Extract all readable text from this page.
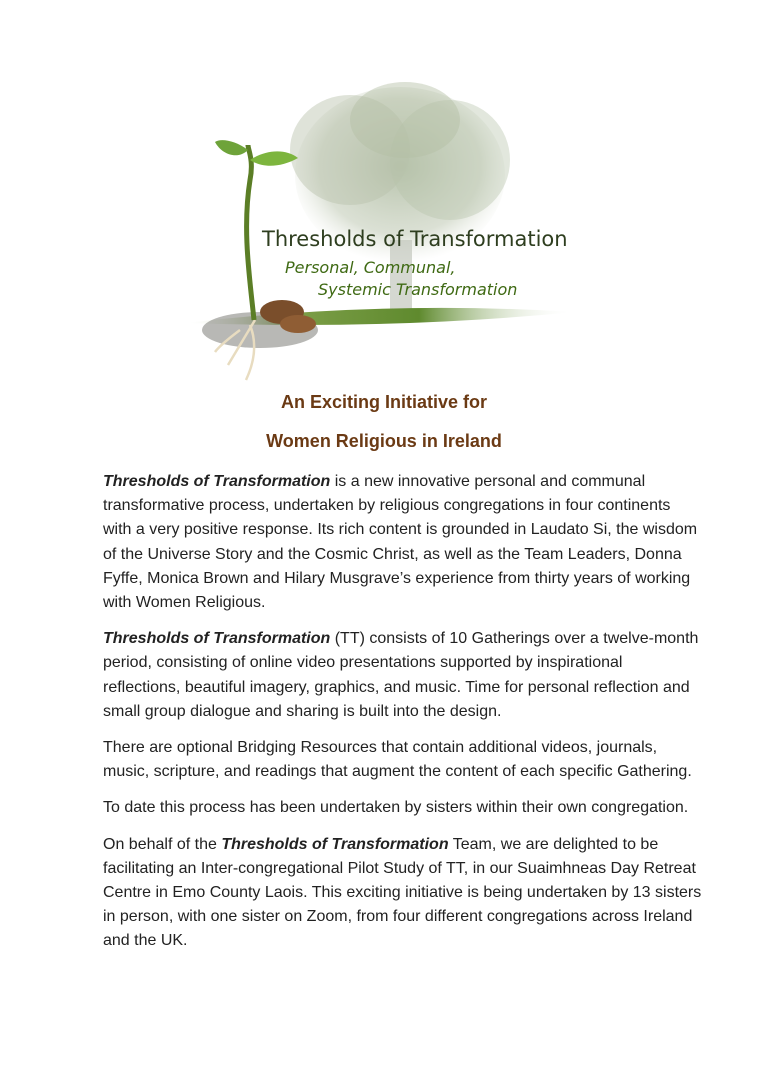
Thresholds of Transformation
Personal, Communal,
Systemic Transformation
An Exciting Initiative for
Women Religious in Ireland

Thresholds of Transformation is a new innovative personal and communal transformative process, undertaken by religious congregations in four continents with a very positive response. Its rich content is grounded in Laudato Si, the wisdom of the Universe Story and the Cosmic Christ, as well as the Team Leaders, Donna Fyffe, Monica Brown and Hilary Musgrave’s experience from thirty years of working with Women Religious.

Thresholds of Transformation (TT) consists of 10 Gatherings over a twelve-month period, consisting of online video presentations supported by inspirational reflections, beautiful imagery, graphics, and music. Time for personal reflection and small group dialogue and sharing is built into the design.

There are optional Bridging Resources that contain additional videos, journals, music, scripture, and readings that augment the content of each specific Gathering.

To date this process has been undertaken by sisters within their own congregation.

On behalf of the Thresholds of Transformation Team, we are delighted to be facilitating an Inter-congregational Pilot Study of TT, in our Suaimhneas Day Retreat Centre in Emo County Laois. This exciting initiative is being undertaken by 13 sisters in person, with one sister on Zoom, from four different congregations across Ireland and the UK.
